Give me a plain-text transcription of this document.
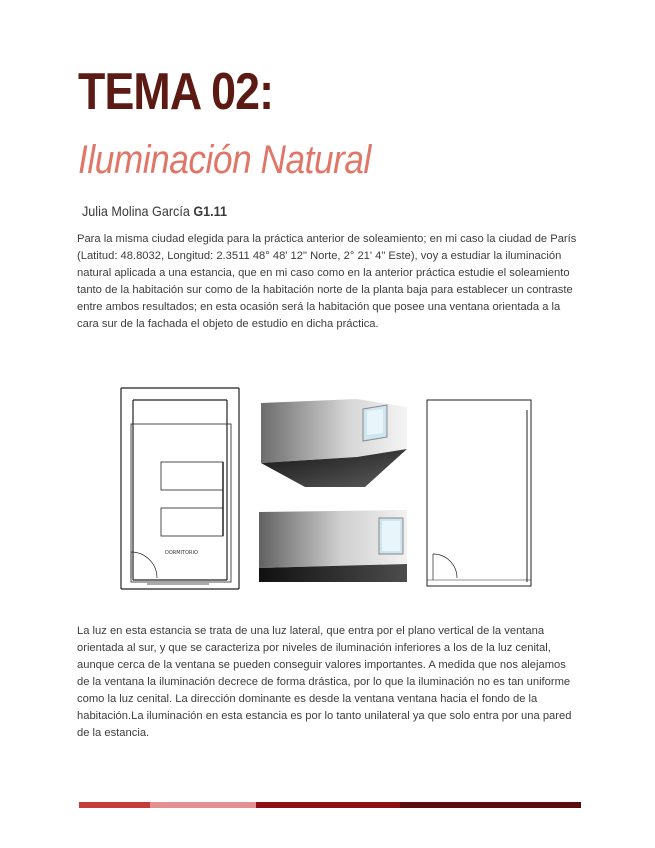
TEMA 02:
Iluminación Natural
Julia Molina García G1.11

Para la misma ciudad elegida para la práctica anterior de soleamiento; en mi caso la ciudad de París (Latitud: 48.8032, Longitud: 2.3511 48° 48' 12" Norte, 2° 21' 4" Este), voy a estudiar la iluminación natural aplicada a una estancia, que en mi caso como en la anterior práctica estudie el soleamiento tanto de la habitación sur como de la habitación norte de la planta baja para establecer un contraste entre ambos resultados; en esta ocasión será la habitación que posee una ventana orientada a la cara sur de la fachada el objeto de estudio en dicha práctica.

DORMITORIO

La luz en esta estancia se trata de una luz lateral, que entra por el plano vertical de la ventana orientada al sur, y que se caracteriza por niveles de iluminación inferiores a los de la luz cenital, aunque cerca de la ventana se pueden conseguir valores importantes. A medida que nos alejamos de la ventana la iluminación decrece de forma drástica, por lo que la iluminación no es tan uniforme como la luz cenital. La dirección dominante es desde la ventana ventana hacia el fondo de la habitación.La iluminación en esta estancia es por lo tanto unilateral ya que solo entra por una pared de la estancia.
